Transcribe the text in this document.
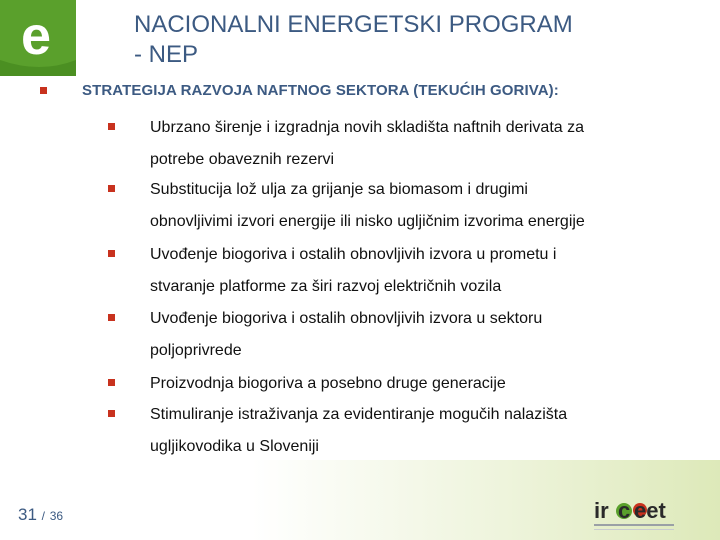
e	NACIONALNI ENERGETSKI PROGRAM
- NEP
STRATEGIJA RAZVOJA NAFTNOG SEKTORA (TEKUĆIH GORIVA):
Ubrzano širenje i izgradnja novih skladišta naftnih derivata za
potrebe obaveznih rezervi
Substitucija lož ulja za grijanje sa biomasom i drugimi
obnovljivimi izvori energije ili nisko ugljičnim izvorima energije
Uvođenje biogoriva i ostalih obnovljivih izvora u prometu i
stvaranje platforme za širi razvoj električnih vozila
Uvođenje biogoriva i ostalih obnovljivih izvora u sektoru
poljoprivrede
Proizvodnja biogoriva a posebno druge generacije
Stimuliranje istraživanja za evidentiranje mogučih nalazišta
ugljikovodika u Sloveniji
31 / 36	ir c eet
